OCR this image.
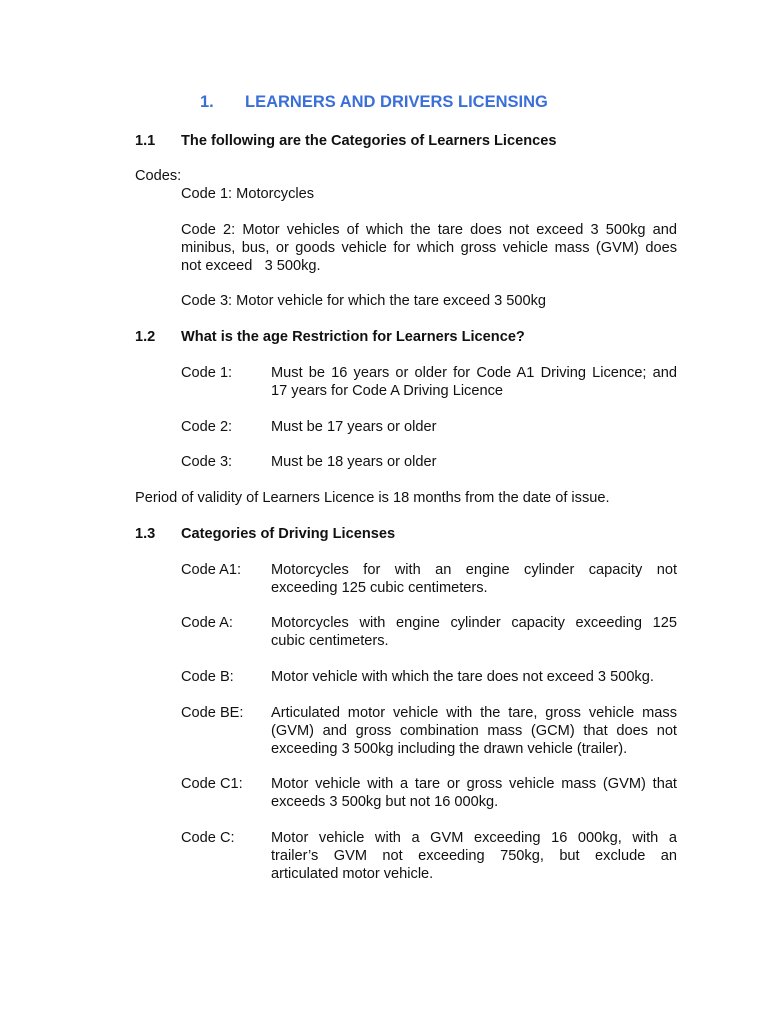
1. LEARNERS AND DRIVERS LICENSING
1.1 The following are the Categories of Learners Licences
Codes:
Code 1: Motorcycles
Code 2: Motor vehicles of which the tare does not exceed 3 500kg and
minibus, bus, or goods vehicle for which gross vehicle mass (GVM) does
not exceed   3 500kg.
Code 3: Motor vehicle for which the tare exceed 3 500kg
1.2 What is the age Restriction for Learners Licence?
Code 1:	Must be 16 years or older for Code A1 Driving Licence; and
17 years for Code A Driving Licence
Code 2:	Must be 17 years or older
Code 3:	Must be 18 years or older
Period of validity of Learners Licence is 18 months from the date of issue.
1.3 Categories of Driving Licenses
Code A1: Motorcycles for with an engine cylinder capacity not
exceeding 125 cubic centimeters.
Code A:	Motorcycles with engine cylinder capacity exceeding 125
cubic centimeters.
Code B:	Motor vehicle with which the tare does not exceed 3 500kg.
Code BE: Articulated motor vehicle with the tare, gross vehicle mass
(GVM) and gross combination mass (GCM) that does not
exceeding 3 500kg including the drawn vehicle (trailer).
Code C1: Motor vehicle with a tare or gross vehicle mass (GVM) that
exceeds 3 500kg but not 16 000kg.
Code C: Motor vehicle with a GVM exceeding 16 000kg, with a
trailer’s GVM not exceeding 750kg, but exclude an
articulated motor vehicle.
